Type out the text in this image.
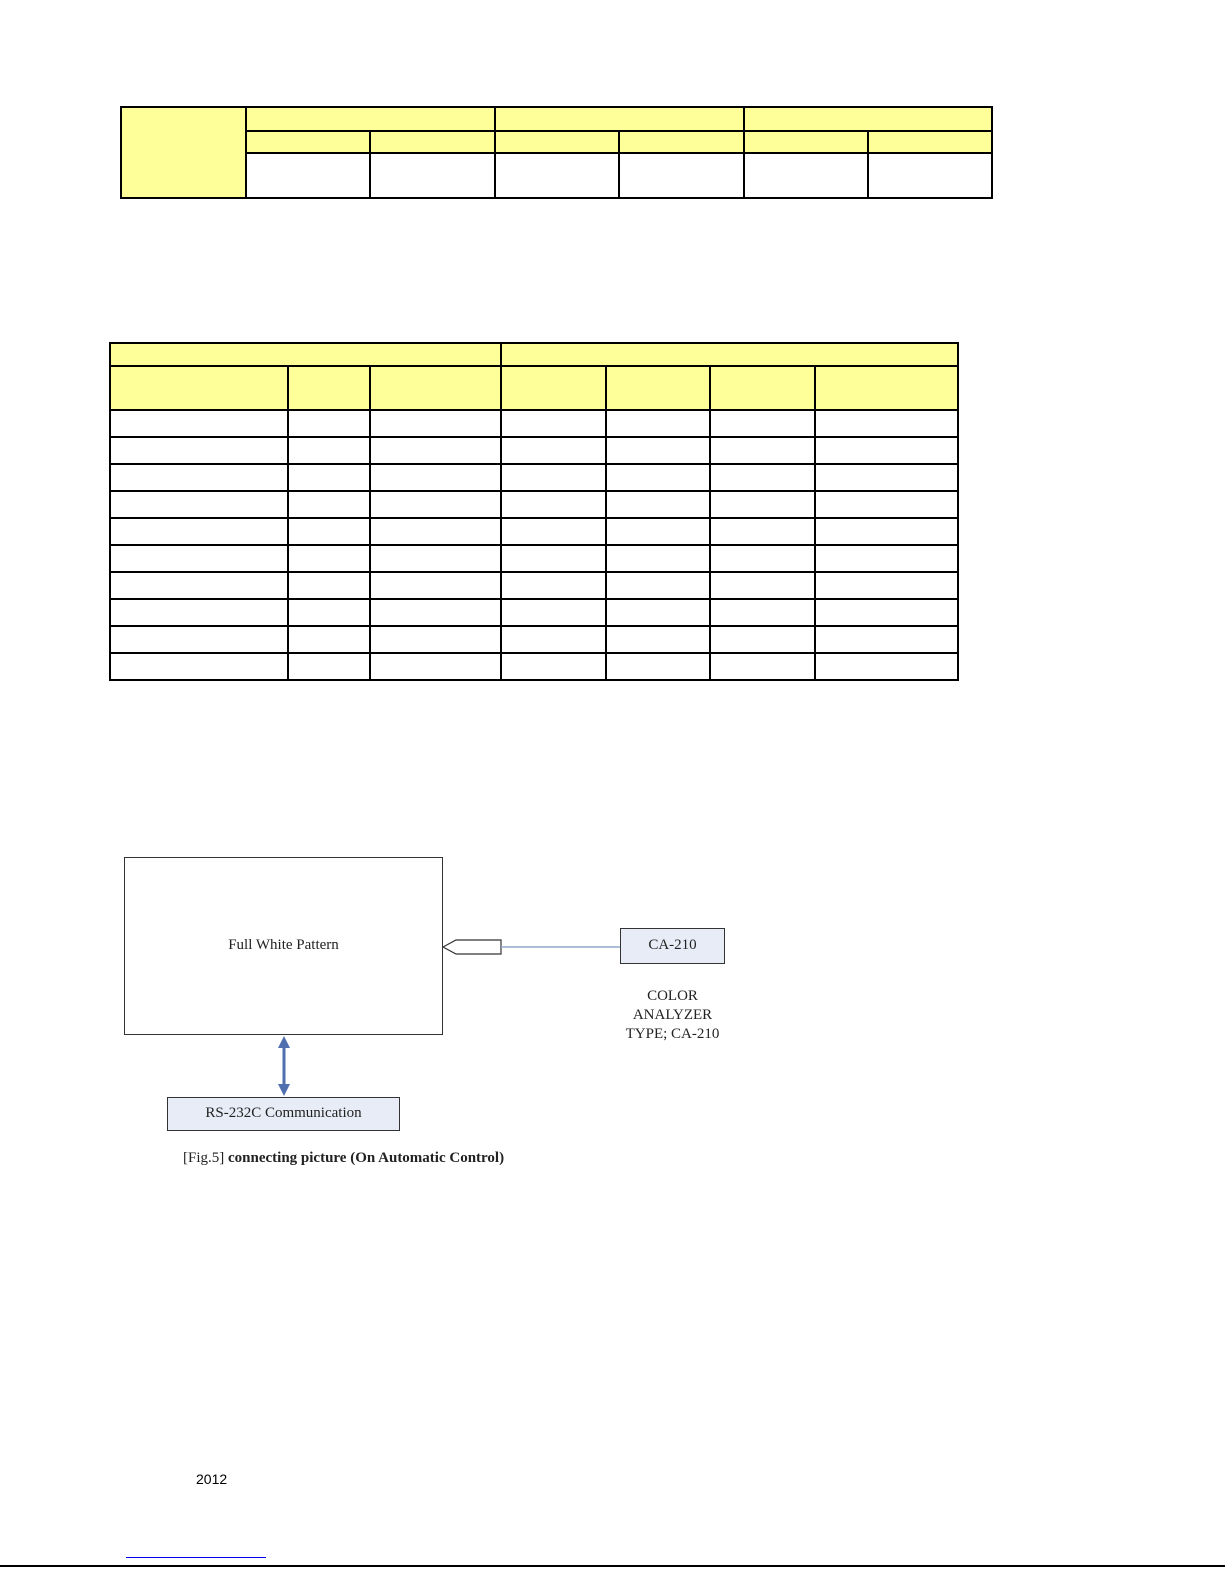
Full White Pattern	CA-210
COLOR
ANALYZER
TYPE; CA-210
RS-232C Communication
[Fig.5] connecting picture (On Automatic Control)
2012
